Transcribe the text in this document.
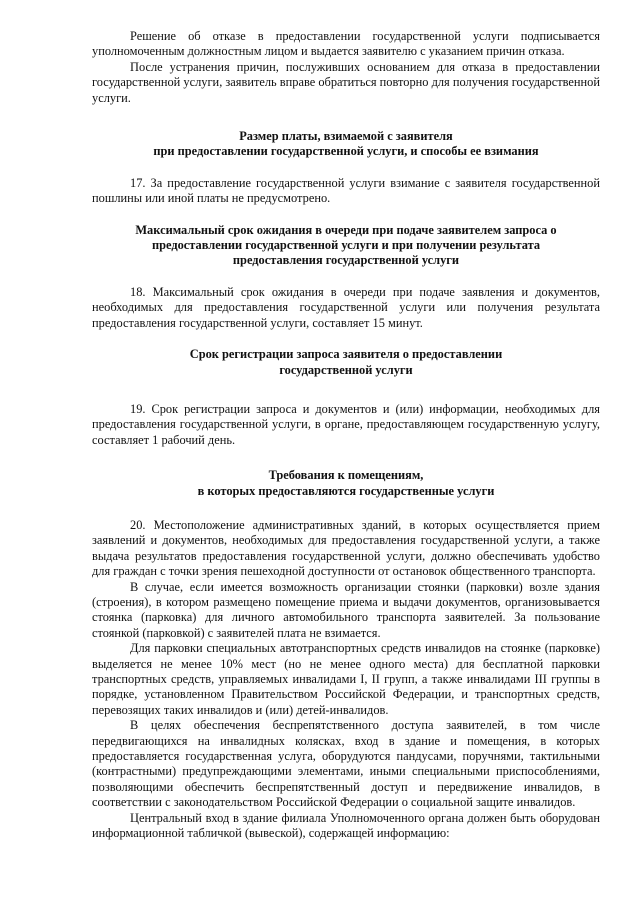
Решение об отказе в предоставлении государственной услуги подписывается уполномоченным должностным лицом и выдается заявителю с указанием причин отказа.

После устранения причин, послуживших основанием для отказа в предоставлении государственной услуги, заявитель вправе обратиться повторно для получения государственной услуги.

Размер платы, взимаемой с заявителя
при предоставлении государственной услуги, и способы ее взимания

17. За предоставление государственной услуги взимание с заявителя государственной пошлины или иной платы не предусмотрено.

Максимальный срок ожидания в очереди при подаче заявителем запроса о
предоставлении государственной услуги и при получении результата
предоставления государственной услуги

18. Максимальный срок ожидания в очереди при подаче заявления и документов, необходимых для предоставления государственной услуги или получения результата предоставления государственной услуги, составляет 15 минут.

Срок регистрации запроса заявителя о предоставлении
государственной услуги

19. Срок регистрации запроса и документов и (или) информации, необходимых для предоставления государственной услуги, в органе, предоставляющем государственную услугу, составляет 1 рабочий день.

Требования к помещениям,
в которых предоставляются государственные услуги

20. Местоположение административных зданий, в которых осуществляется прием заявлений и документов, необходимых для предоставления государственной услуги, а также выдача результатов предоставления государственной услуги, должно обеспечивать удобство для граждан с точки зрения пешеходной доступности от остановок общественного транспорта.

В случае, если имеется возможность организации стоянки (парковки) возле здания (строения), в котором размещено помещение приема и выдачи документов, организовывается стоянка (парковка) для личного автомобильного транспорта заявителей. За пользование стоянкой (парковкой) с заявителей плата не взимается.

Для парковки специальных автотранспортных средств инвалидов на стоянке (парковке) выделяется не менее 10% мест (но не менее одного места) для бесплатной парковки транспортных средств, управляемых инвалидами I, II групп, а также инвалидами III группы в порядке, установленном Правительством Российской Федерации, и транспортных средств, перевозящих таких инвалидов и (или) детей-инвалидов.

В целях обеспечения беспрепятственного доступа заявителей, в том числе передвигающихся на инвалидных колясках, вход в здание и помещения, в которых предоставляется государственная услуга, оборудуются пандусами, поручнями, тактильными (контрастными) предупреждающими элементами, иными специальными приспособлениями, позволяющими обеспечить беспрепятственный доступ и передвижение инвалидов, в соответствии с законодательством Российской Федерации о социальной защите инвалидов.

Центральный вход в здание филиала Уполномоченного органа должен быть оборудован информационной табличкой (вывеской), содержащей информацию:
